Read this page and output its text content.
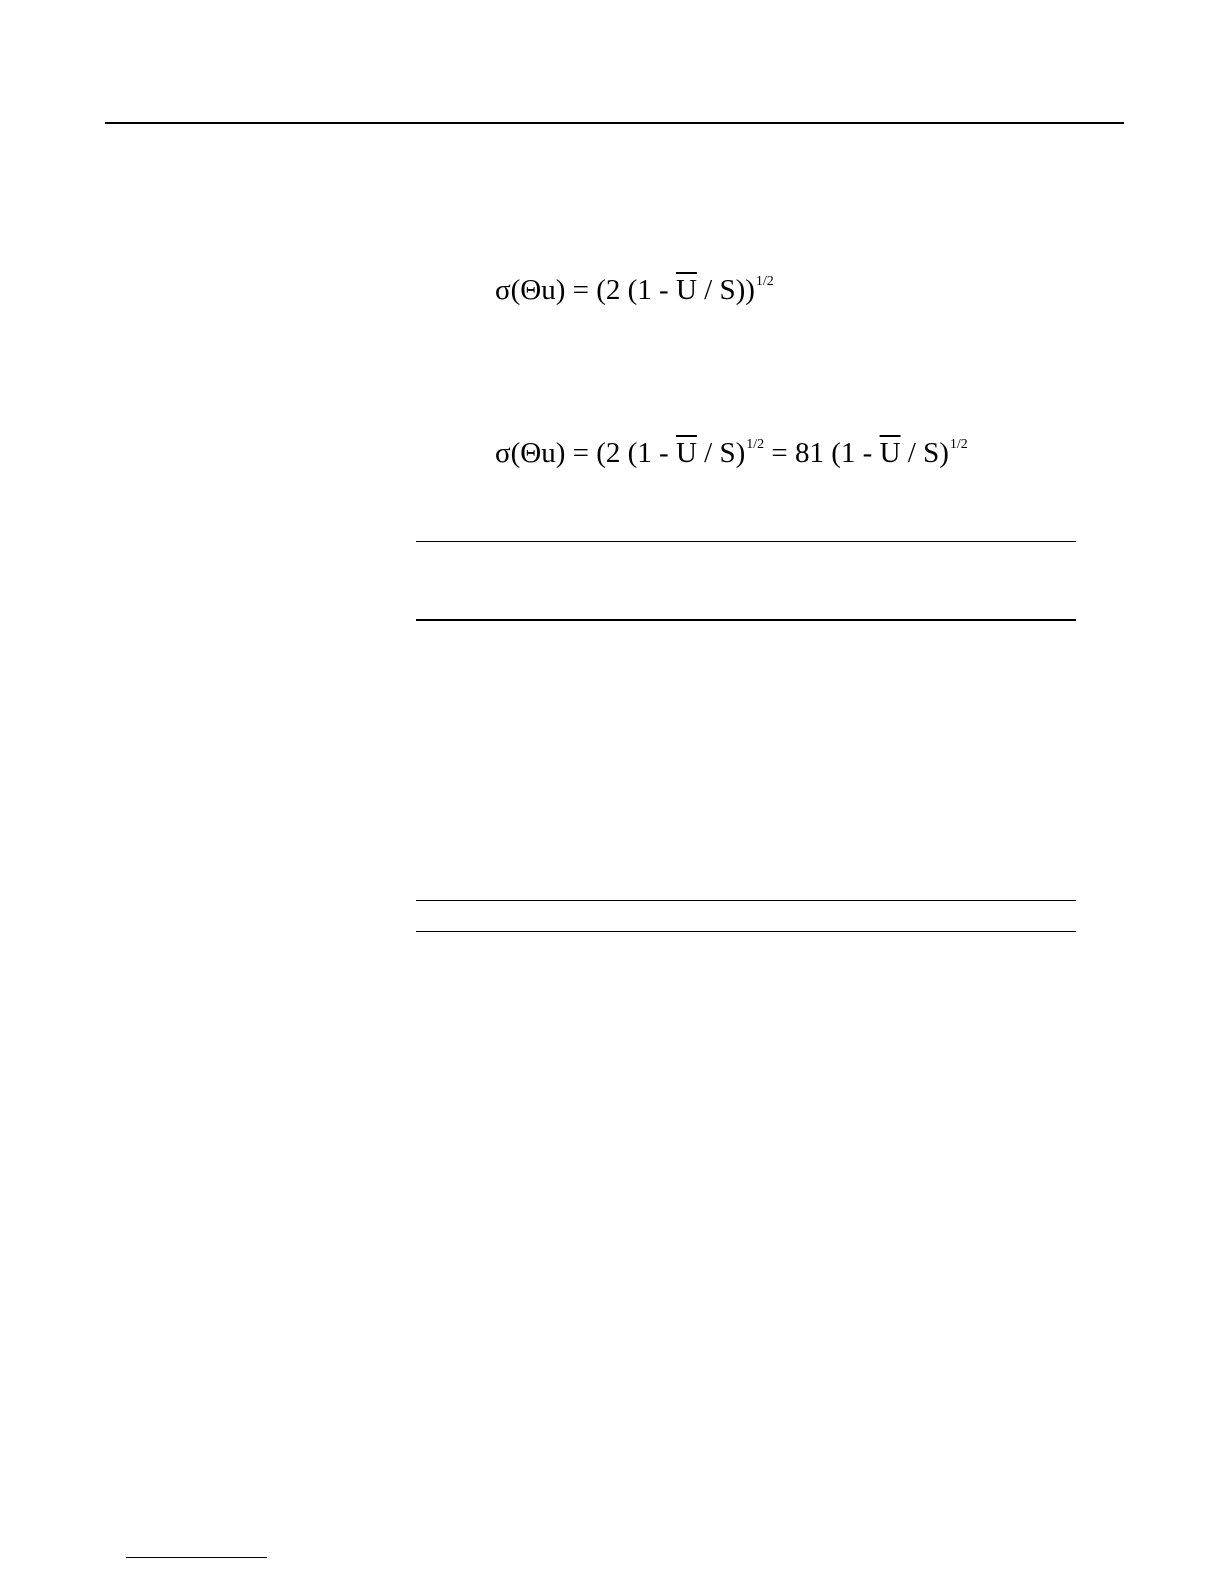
σ(Θu) = (2 $(1 - \overline{U} / S))^{1/2}$
σ(Θu) = (2 $(1 - \overline{U} / S)^{1/2} = 81$ $(1 - \overline{U} / S)^{1/2}$
